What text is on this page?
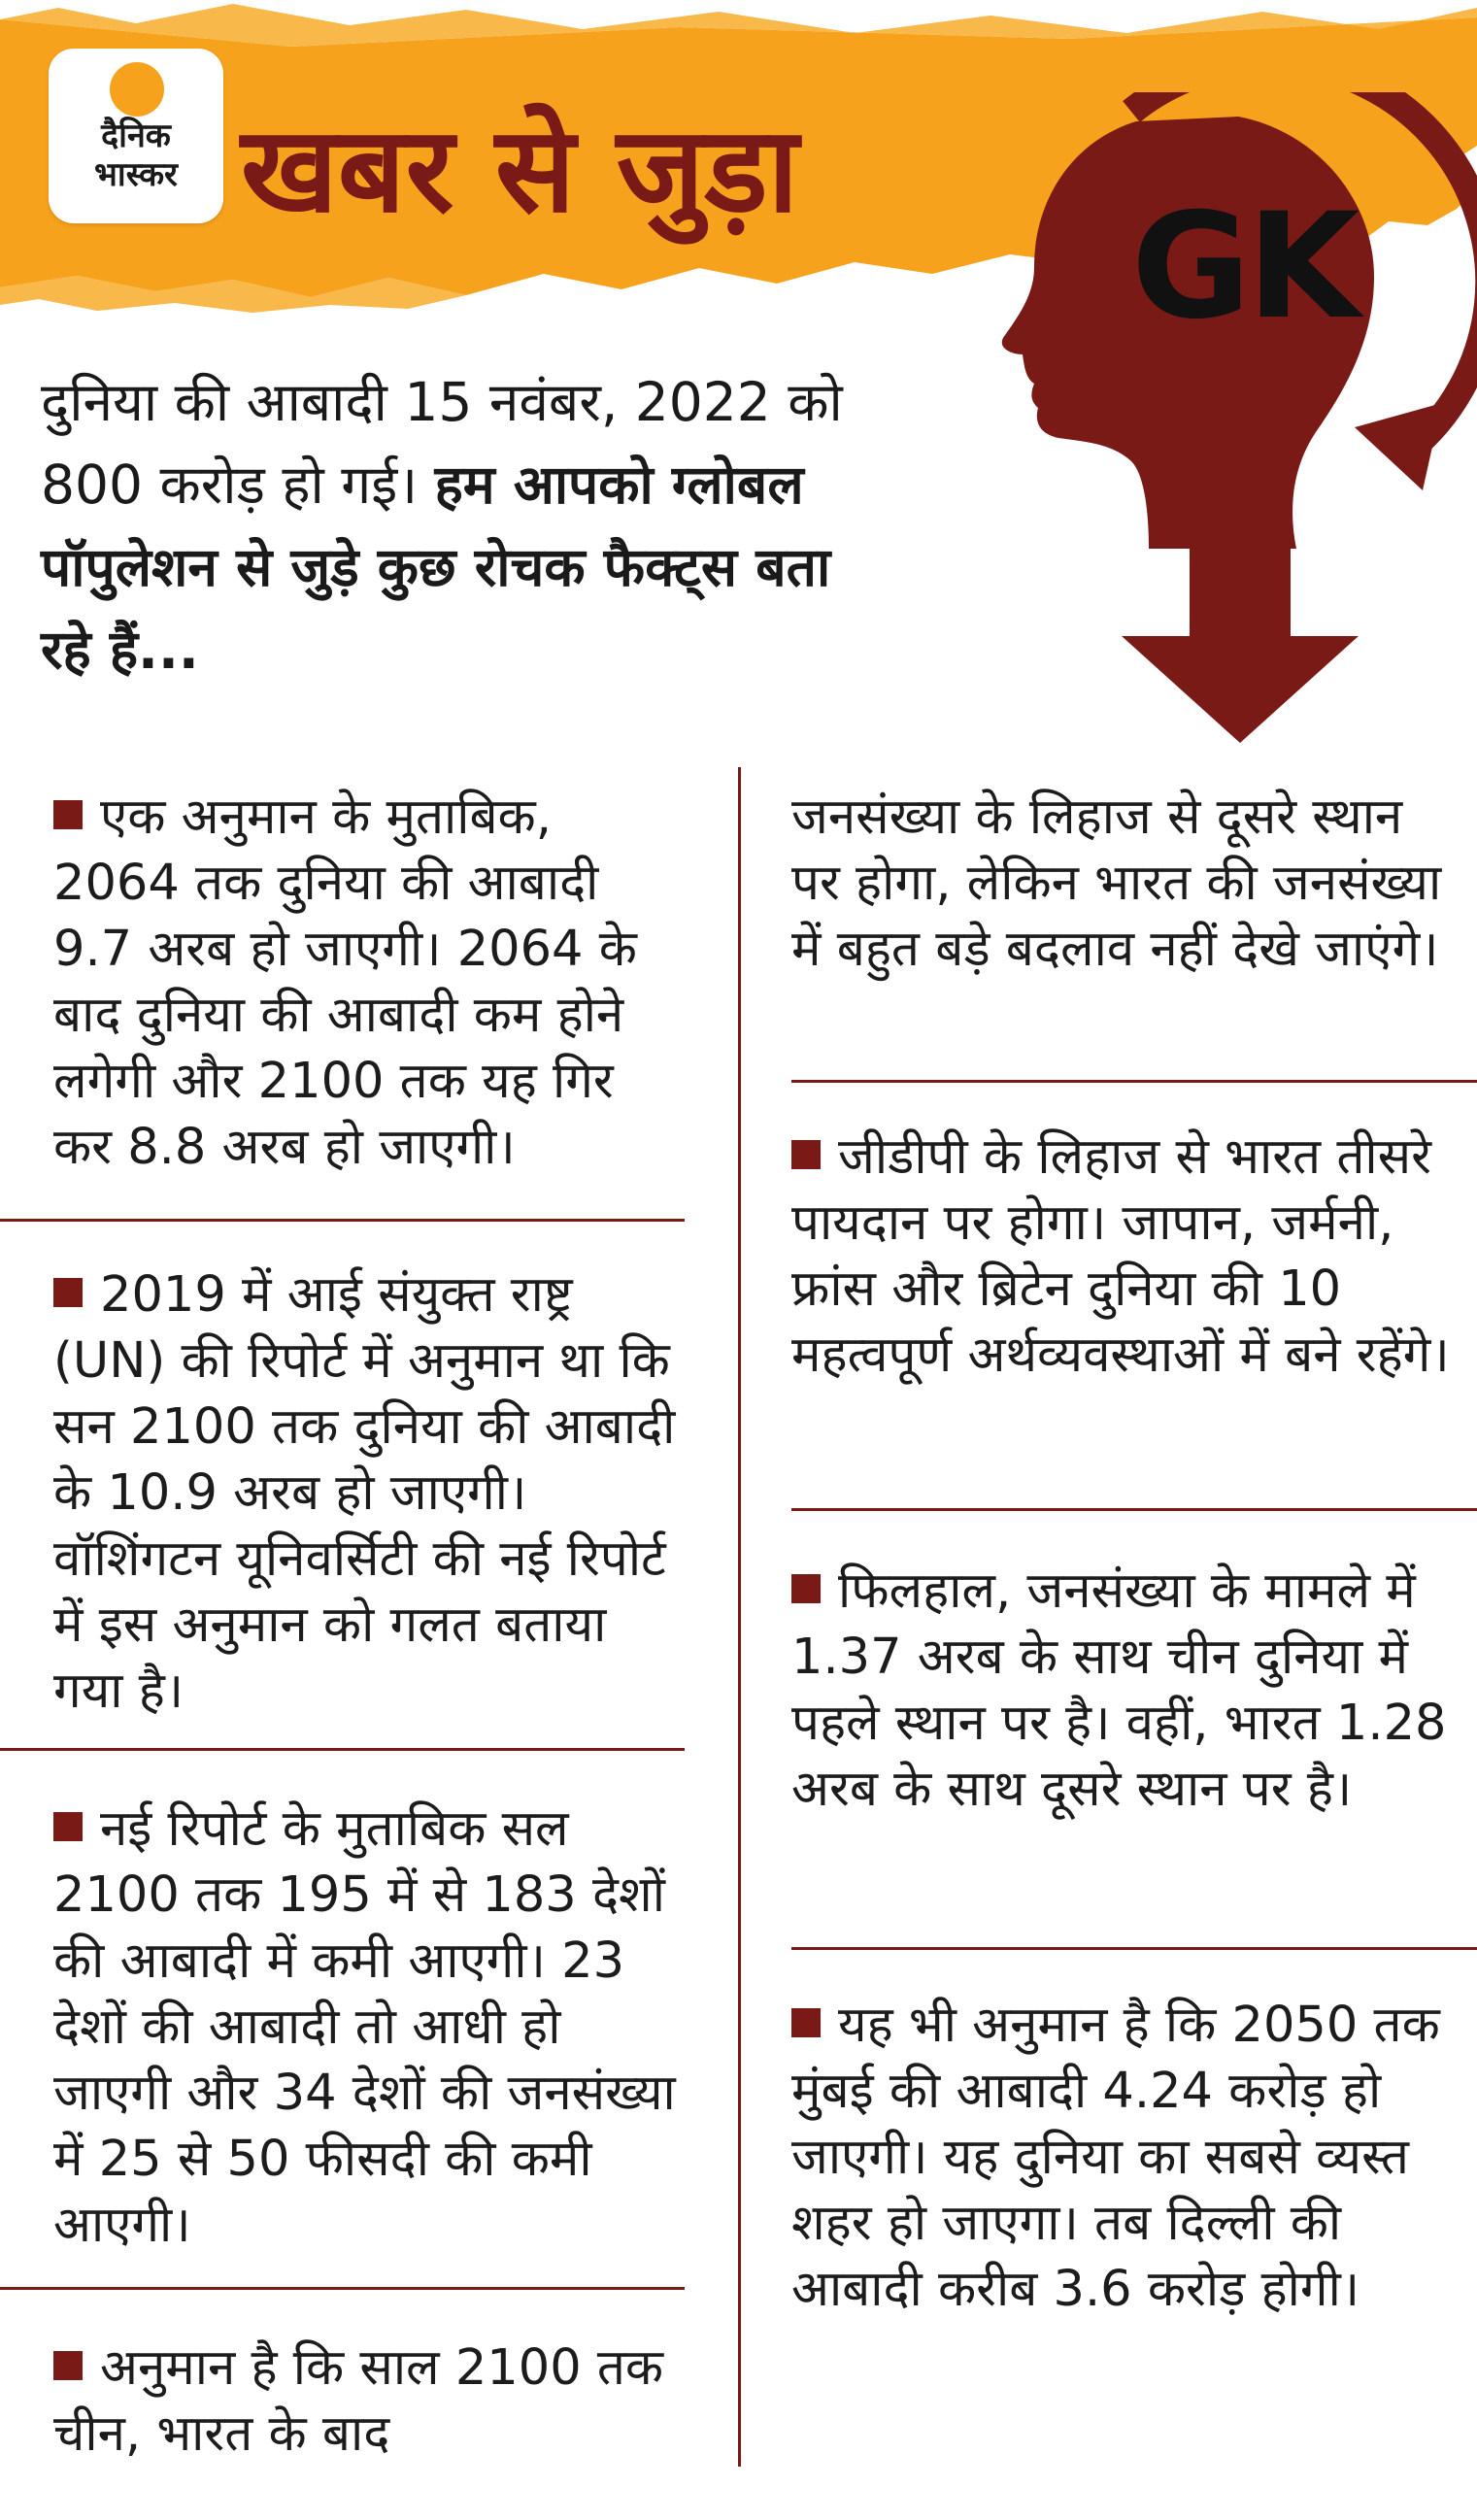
दैनिक
भास्कर खबर से जुड़ा
GK

दुनिया की आबादी 15 नवंबर, 2022 को 800 करोड़ हो गई। हम आपको ग्लोबल पॉपुलेशन से जुड़े कुछ रोचक फैक्ट्स बता रहे हैं...

एक अनुमान के मुताबिक, 2064 तक दुनिया की आबादी 9.7 अरब हो जाएगी। 2064 के बाद दुनिया की आबादी कम होने लगेगी और 2100 तक यह गिर कर 8.8 अरब हो जाएगी।
2019 में आई संयुक्त राष्ट्र (UN) की रिपोर्ट में अनुमान था कि सन 2100 तक दुनिया की आबादी के 10.9 अरब हो जाएगी। वॉशिंगटन यूनिवर्सिटी की नई रिपोर्ट में इस अनुमान को गलत बताया गया है।
नई रिपोर्ट के मुताबिक सल 2100 तक 195 में से 183 देशों की आबादी में कमी आएगी। 23 देशों की आबादी तो आधी हो जाएगी और 34 देशों की जनसंख्या में 25 से 50 फीसदी की कमी आएगी।
अनुमान है कि साल 2100 तक चीन, भारत के बाद
जनसंख्या के लिहाज से दूसरे स्थान पर होगा, लेकिन भारत की जनसंख्या में बहुत बड़े बदलाव नहीं देखे जाएंगे।
जीडीपी के लिहाज से भारत तीसरे पायदान पर होगा। जापान, जर्मनी, फ्रांस और ब्रिटेन दुनिया की 10 महत्वपूर्ण अर्थव्यवस्थाओं में बने रहेंगे।
फिलहाल, जनसंख्या के मामले में 1.37 अरब के साथ चीन दुनिया में पहले स्थान पर है। वहीं, भारत 1.28 अरब के साथ दूसरे स्थान पर है।
यह भी अनुमान है कि 2050 तक मुंबई की आबादी 4.24 करोड़ हो जाएगी। यह दुनिया का सबसे व्यस्त शहर हो जाएगा। तब दिल्ली की आबादी करीब 3.6 करोड़ होगी।
